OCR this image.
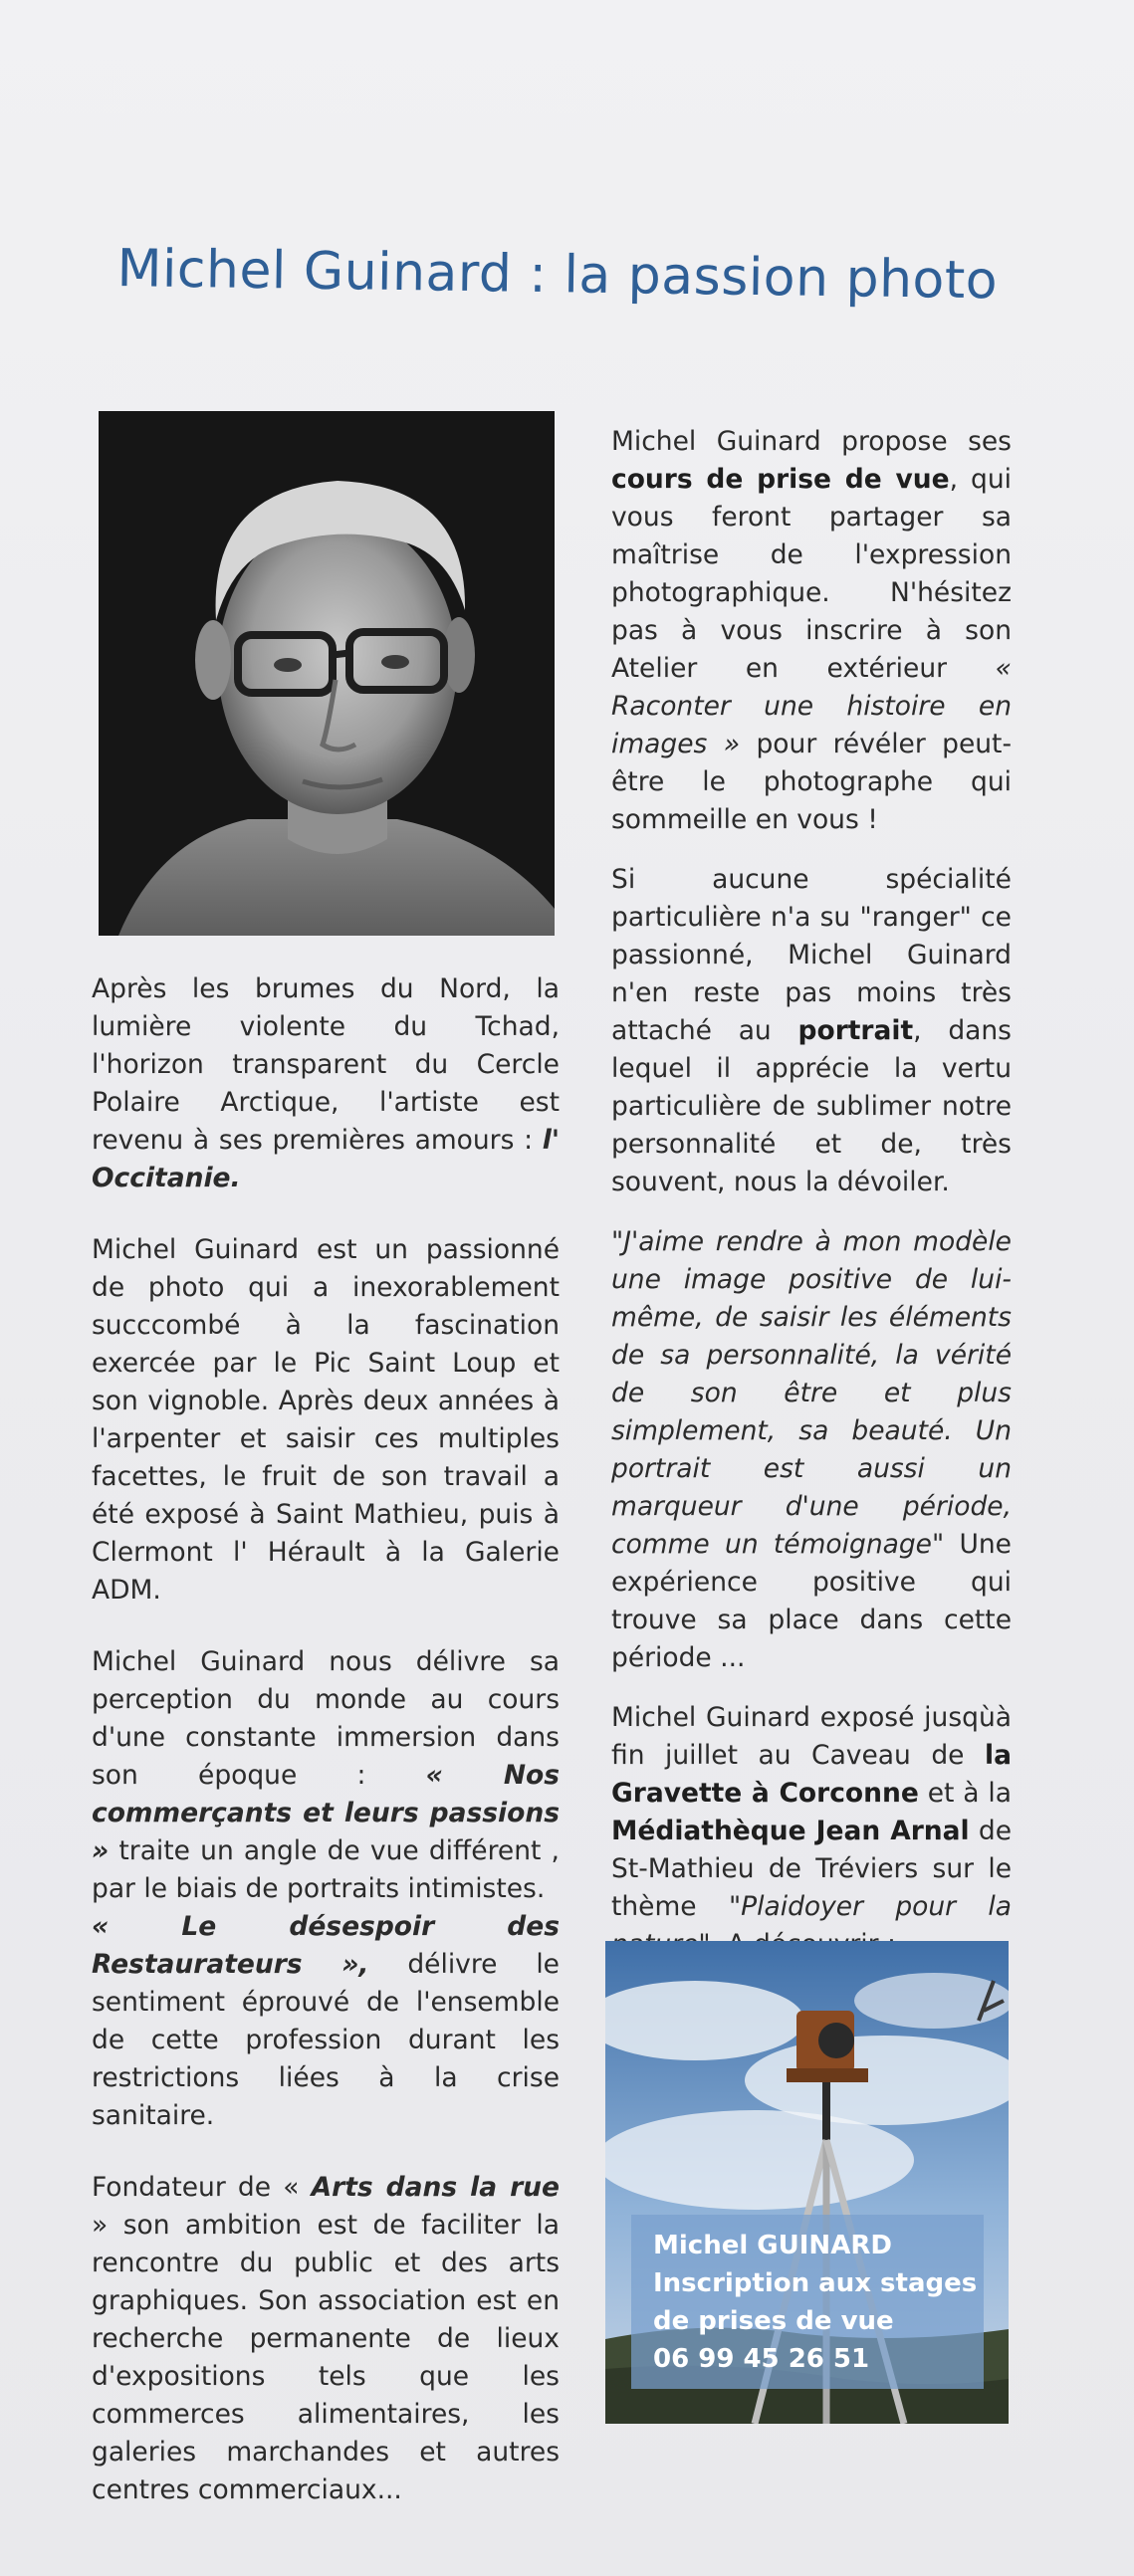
Michel Guinard : la passion photo

Après les brumes du Nord, la lumière violente du Tchad, l'horizon transparent du Cercle Polaire Arctique, l'artiste est revenu à ses premières amours : l' Occitanie.

Michel Guinard est un passionné de photo qui a inexorablement succcombé à la fascination exercée par le Pic Saint Loup et son vignoble. Après deux années à l'arpenter et saisir ces multiples facettes, le fruit de son travail a été exposé à Saint Mathieu, puis à Clermont l' Hérault à la Galerie ADM.

Michel Guinard nous délivre sa perception du monde au cours d'une constante immersion dans son époque : « Nos commerçants et leurs passions » traite un angle de vue différent , par le biais de portraits intimistes.
« Le désespoir des Restaurateurs », délivre le sentiment éprouvé de l'ensemble de cette profession durant les restrictions liées à la crise sanitaire.

Fondateur de « Arts dans la rue » son ambition est de faciliter la rencontre du public et des arts graphiques. Son association est en recherche permanente de lieux d'expositions tels que les commerces alimentaires, les galeries marchandes et autres centres commerciaux...

Michel Guinard propose ses cours de prise de vue, qui vous feront partager sa maîtrise de l'expression photographique. N'hésitez pas à vous inscrire à son Atelier en extérieur « Raconter une histoire en images » pour révéler peut-être le photographe qui sommeille en vous !

Si aucune spécialité particulière n'a su "ranger" ce passionné, Michel Guinard n'en reste pas moins très attaché au portrait, dans lequel il apprécie la vertu particulière de sublimer notre personnalité et de, très souvent, nous la dévoiler.

"J'aime rendre à mon modèle une image positive de lui-même, de saisir les éléments de sa personnalité, la vérité de son être et plus simplement, sa beauté. Un portrait est aussi un marqueur d'une période, comme un témoignage" Une expérience positive qui trouve sa place dans cette période ...

Michel Guinard exposé jusqùà fin juillet au Caveau de la Gravette à Corconne et à la Médiathèque Jean Arnal de St-Mathieu de Tréviers sur le thème "Plaidoyer pour la

Michel GUINARD
Inscription aux stages
de prises de vue
06 99 45 26 51
